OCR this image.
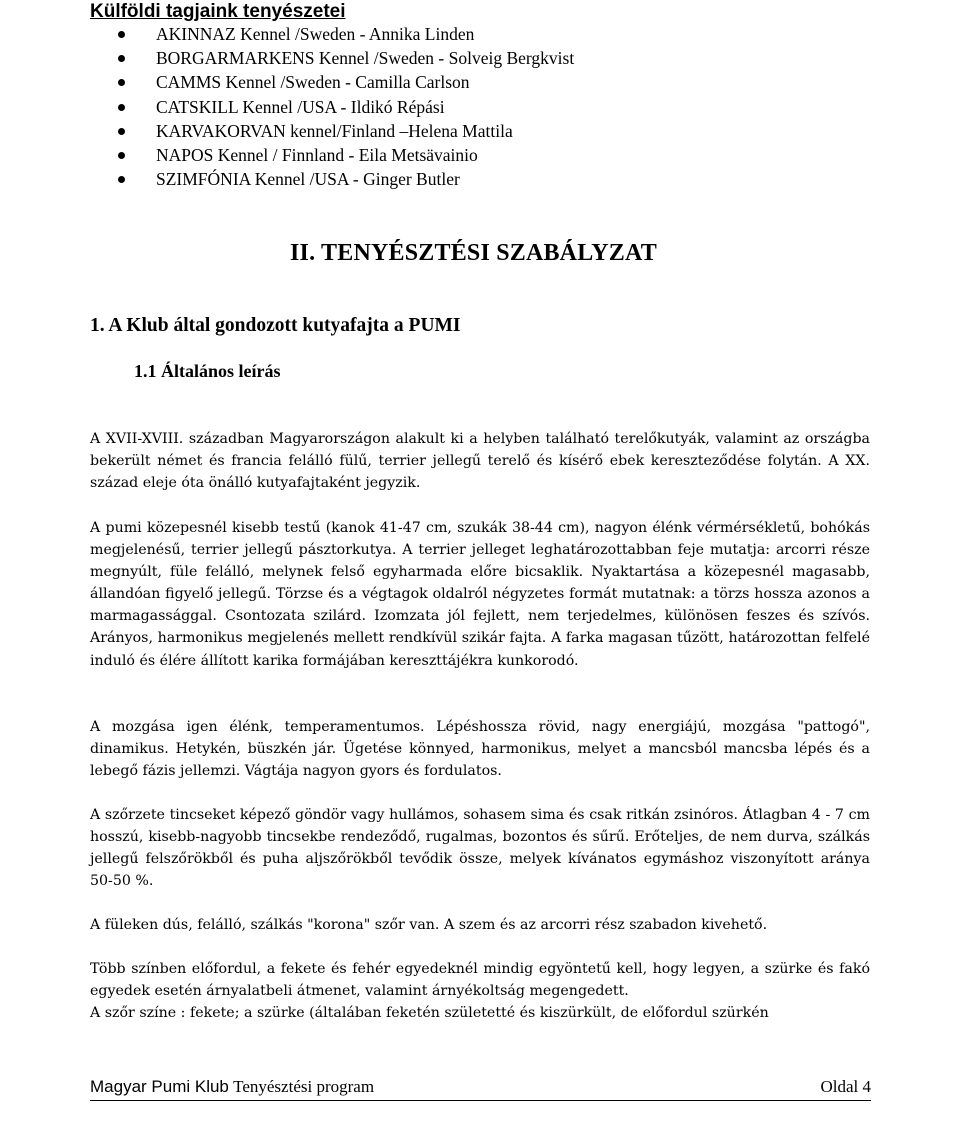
Külföldi tagjaink tenyészetei
AKINNAZ Kennel /Sweden - Annika Linden
BORGARMARKENS Kennel /Sweden - Solveig Bergkvist
CAMMS Kennel /Sweden - Camilla Carlson
CATSKILL Kennel /USA - Ildikó Répási
KARVAKORVAN kennel/Finland –Helena Mattila
NAPOS Kennel / Finnland - Eila Metsävainio
SZIMFÓNIA Kennel /USA - Ginger Butler
II. TENYÉSZTÉSI SZABÁLYZAT
1. A Klub által gondozott kutyafajta a PUMI
1.1 Általános leírás

A XVII-XVIII. században Magyarországon alakult ki a helyben található terelőkutyák, valamint az országba bekerült német és francia felálló fülű, terrier jellegű terelő és kísérő ebek kereszteződése folytán. A XX. század eleje óta önálló kutyafajtaként jegyzik.

A pumi közepesnél kisebb testű (kanok 41-47 cm, szukák 38-44 cm), nagyon élénk vérmérsékletű, bohókás megjelenésű, terrier jellegű pásztorkutya. A terrier jelleget leghatározottabban feje mutatja: arcorri része megnyúlt, füle felálló, melynek felső egyharmada előre bicsaklik. Nyaktartása a közepesnél magasabb, állandóan figyelő jellegű. Törzse és a végtagok oldalról négyzetes formát mutatnak: a törzs hossza azonos a marmagassággal. Csontozata szilárd. Izomzata jól fejlett, nem terjedelmes, különösen feszes és szívós. Arányos, harmonikus megjelenés mellett rendkívül szikár fajta. A farka magasan tűzött, határozottan felfelé induló és élére állított karika formájában kereszttájékra kunkorodó.

A mozgása igen élénk, temperamentumos. Lépéshossza rövid, nagy energiájú, mozgása "pattogó", dinamikus. Hetykén, büszkén jár. Ügetése könnyed, harmonikus, melyet a mancsból mancsba lépés és a lebegő fázis jellemzi. Vágtája nagyon gyors és fordulatos.

A szőrzete tincseket képező göndör vagy hullámos, sohasem sima és csak ritkán zsinóros. Átlagban 4 - 7 cm hosszú, kisebb-nagyobb tincsekbe rendeződő, rugalmas, bozontos és sűrű. Erőteljes, de nem durva, szálkás jellegű felszőrökből és puha aljszőrökből tevődik össze, melyek kívánatos egymáshoz viszonyított aránya 50-50 %.

A füleken dús, felálló, szálkás "korona" szőr van. A szem és az arcorri rész szabadon kivehető.

Több színben előfordul, a fekete és fehér egyedeknél mindig egyöntetű kell, hogy legyen, a szürke és fakó egyedek esetén árnyalatbeli átmenet, valamint árnyékoltság megengedett.

A szőr színe : fekete; a szürke (általában feketén születetté és kiszürkült, de előfordul szürkén

Magyar Pumi Klub Tenyésztési program	Oldal 4
